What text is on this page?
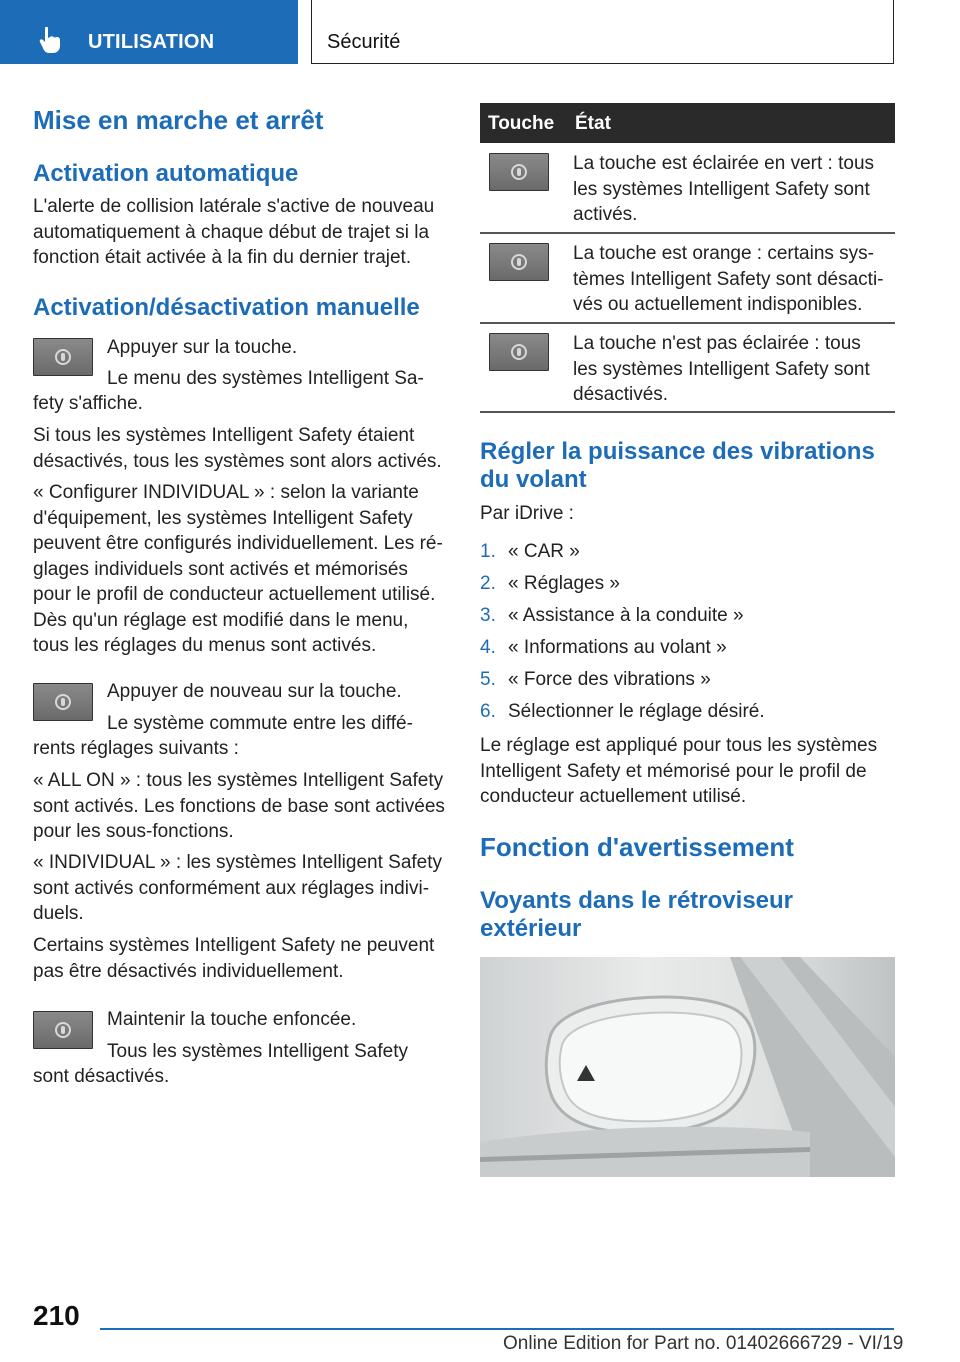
UTILISATION	Sécurité
Mise en marche et arrêt
Activation automatique
L'alerte de collision latérale s'active de nouveau
automatiquement à chaque début de trajet si la
fonction était activée à la fin du dernier trajet.
Activation/désactivation manuelle
Appuyer sur la touche.
Le menu des systèmes Intelligent Sa‐
fety s'affiche.
Si tous les systèmes Intelligent Safety étaient
désactivés, tous les systèmes sont alors activés.
« Configurer INDIVIDUAL » : selon la variante
d'équipement, les systèmes Intelligent Safety
peuvent être configurés individuellement. Les ré‐
glages individuels sont activés et mémorisés
pour le profil de conducteur actuellement utilisé.
Dès qu'un réglage est modifié dans le menu,
tous les réglages du menus sont activés.
Appuyer de nouveau sur la touche.
Le système commute entre les diffé‐
rents réglages suivants :
« ALL ON » : tous les systèmes Intelligent Safety
sont activés. Les fonctions de base sont activées
pour les sous-fonctions.
« INDIVIDUAL » : les systèmes Intelligent Safety
sont activés conformément aux réglages indivi‐
duels.
Certains systèmes Intelligent Safety ne peuvent
pas être désactivés individuellement.
Maintenir la touche enfoncée.
Tous les systèmes Intelligent Safety
sont désactivés.
Touche État
La touche est éclairée en vert : tous
les systèmes Intelligent Safety sont
activés.
La touche est orange : certains sys‐
tèmes Intelligent Safety sont désacti‐
vés ou actuellement indisponibles.
La touche n'est pas éclairée : tous
les systèmes Intelligent Safety sont
désactivés.
Régler la puissance des vibrations
du volant
Par iDrive :
1. « CAR »
2. « Réglages »
3. « Assistance à la conduite »
4. « Informations au volant »
5. « Force des vibrations »
6. Sélectionner le réglage désiré.
Le réglage est appliqué pour tous les systèmes
Intelligent Safety et mémorisé pour le profil de
conducteur actuellement utilisé.
Fonction d'avertissement
Voyants dans le rétroviseur
extérieur
210
Online Edition for Part no. 01402666729 - VI/19
